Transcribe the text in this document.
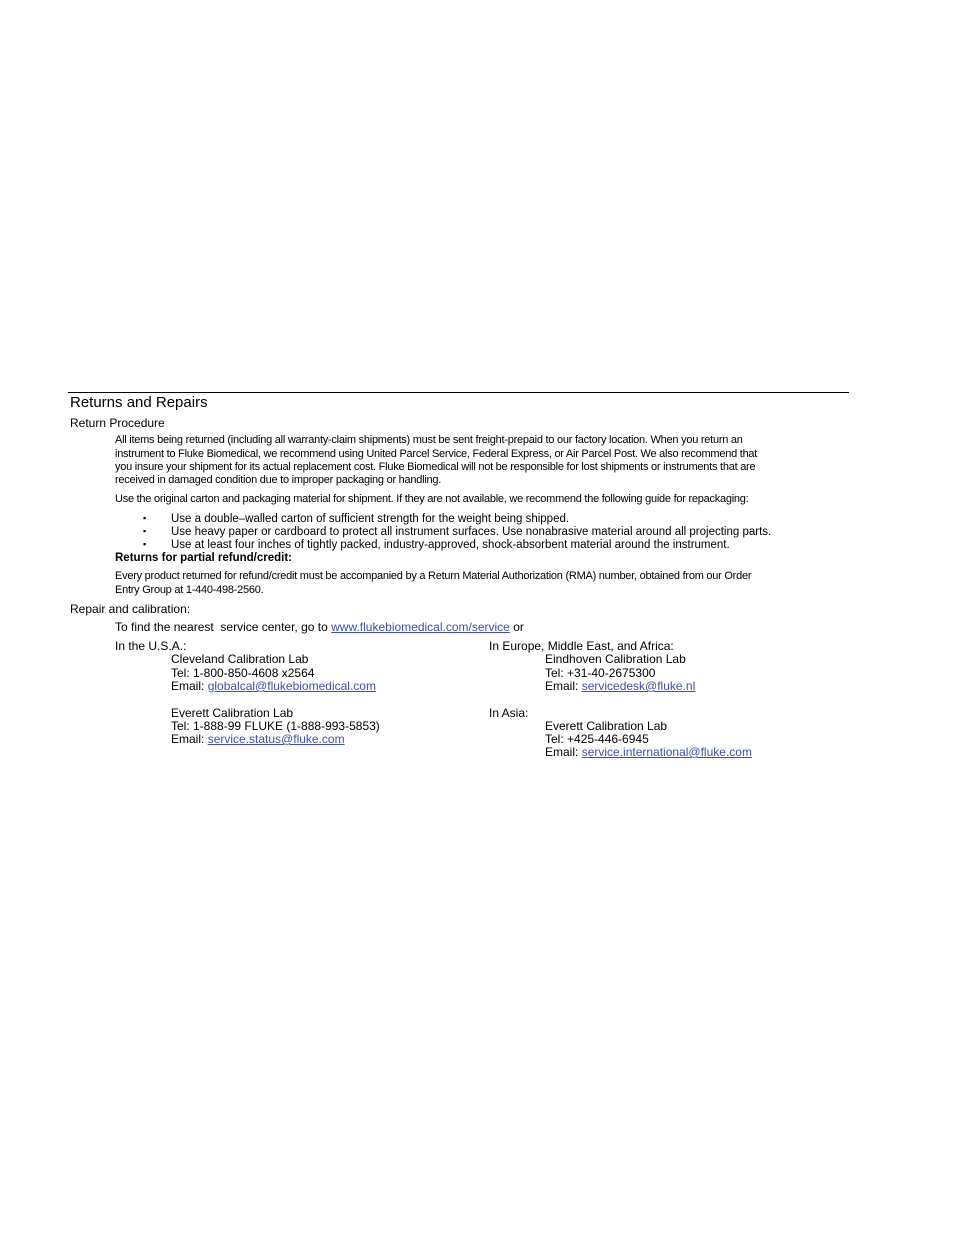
Returns and Repairs
Return Procedure
All items being returned (including all warranty-claim shipments) must be sent freight-prepaid to our factory location. When you return an
instrument to Fluke Biomedical, we recommend using United Parcel Service, Federal Express, or Air Parcel Post. We also recommend that
you insure your shipment for its actual replacement cost. Fluke Biomedical will not be responsible for lost shipments or instruments that are
received in damaged condition due to improper packaging or handling.
Use the original carton and packaging material for shipment. If they are not available, we recommend the following guide for repackaging:
▪ Use a double–walled carton of sufficient strength for the weight being shipped.
▪ Use heavy paper or cardboard to protect all instrument surfaces. Use nonabrasive material around all projecting parts.
▪ Use at least four inches of tightly packed, industry-approved, shock-absorbent material around the instrument.
Returns for partial refund/credit:
Every product returned for refund/credit must be accompanied by a Return Material Authorization (RMA) number, obtained from our Order
Entry Group at 1-440-498-2560.
Repair and calibration:
To find the nearest  service center, go to www.flukebiomedical.com/service or
In the U.S.A.:
Cleveland Calibration Lab
Tel: 1-800-850-4608 x2564
Email: globalcal@flukebiomedical.com
Everett Calibration Lab
Tel: 1-888-99 FLUKE (1-888-993-5853)
Email: service.status@fluke.com
In Europe, Middle East, and Africa:
Eindhoven Calibration Lab
Tel: +31-40-2675300
Email: servicedesk@fluke.nl
In Asia:
Everett Calibration Lab
Tel: +425-446-6945
Email: service.international@fluke.com
